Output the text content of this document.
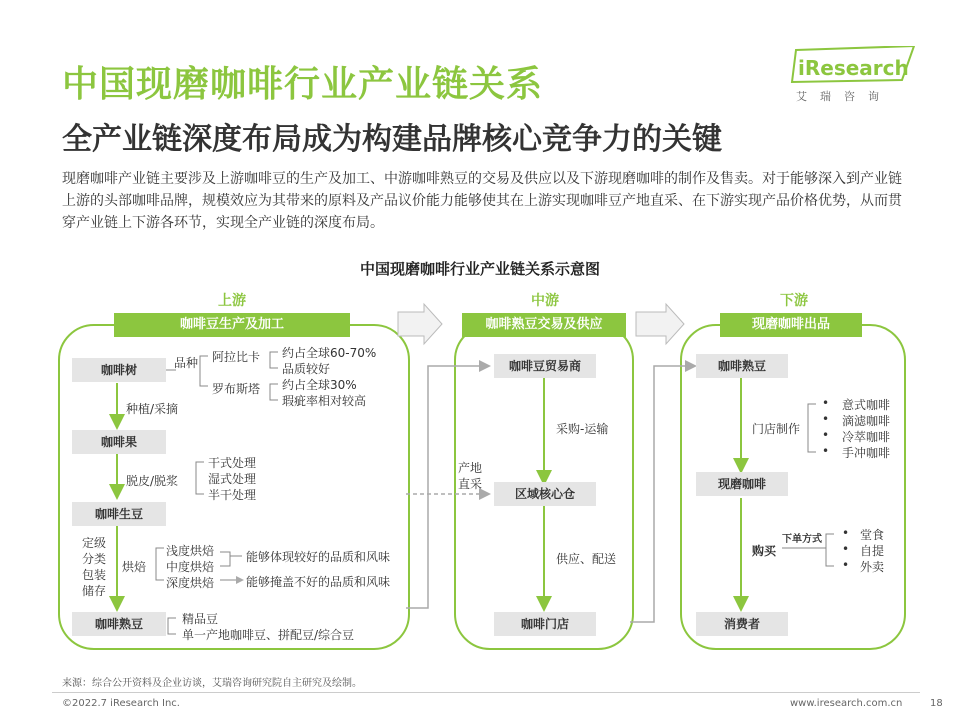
中国现磨咖啡行业产业链关系
全产业链深度布局成为构建品牌核心竞争力的关键
iResearch
艾瑞咨询

现磨咖啡产业链主要涉及上游咖啡豆的生产及加工、中游咖啡熟豆的交易及供应以及下游现磨咖啡的制作及售卖。对于能够深入到产业链上游的头部咖啡品牌，规模效应为其带来的原料及产品议价能力能够使其在上游实现咖啡豆产地直采、在下游实现产品价格优势，从而贯穿产业链上下游各环节，实现全产业链的深度布局。

中国现磨咖啡行业产业链关系示意图
上游	中游	下游
咖啡豆生产及加工	咖啡熟豆交易及供应	现磨咖啡出品
咖啡树
咖啡果
咖啡生豆
咖啡熟豆
品种 阿拉比卡 约占全球60-70%
品质较好
罗布斯塔 约占全球30%
瑕疵率相对较高
种植/采摘
脱皮/脱浆
干式处理
湿式处理
半干处理
定级
分类
包装
储存
烘焙
浅度烘焙
中度烘焙
深度烘焙
能够体现较好的品质和风味
能够掩盖不好的品质和风味
精品豆
单一产地咖啡豆、拼配豆/综合豆
咖啡豆贸易商
区域核心仓
咖啡门店
采购-运输
供应、配送
产地
直采
咖啡熟豆
现磨咖啡
消费者
门店制作
• 意式咖啡
• 滴滤咖啡
• 冷萃咖啡
• 手冲咖啡
购买
下单方式 • 堂食
• 自提
• 外卖
来源：综合公开资料及企业访谈，艾瑞咨询研究院自主研究及绘制。
©2022.7 iResearch Inc.	www.iresearch.com.cn	18
